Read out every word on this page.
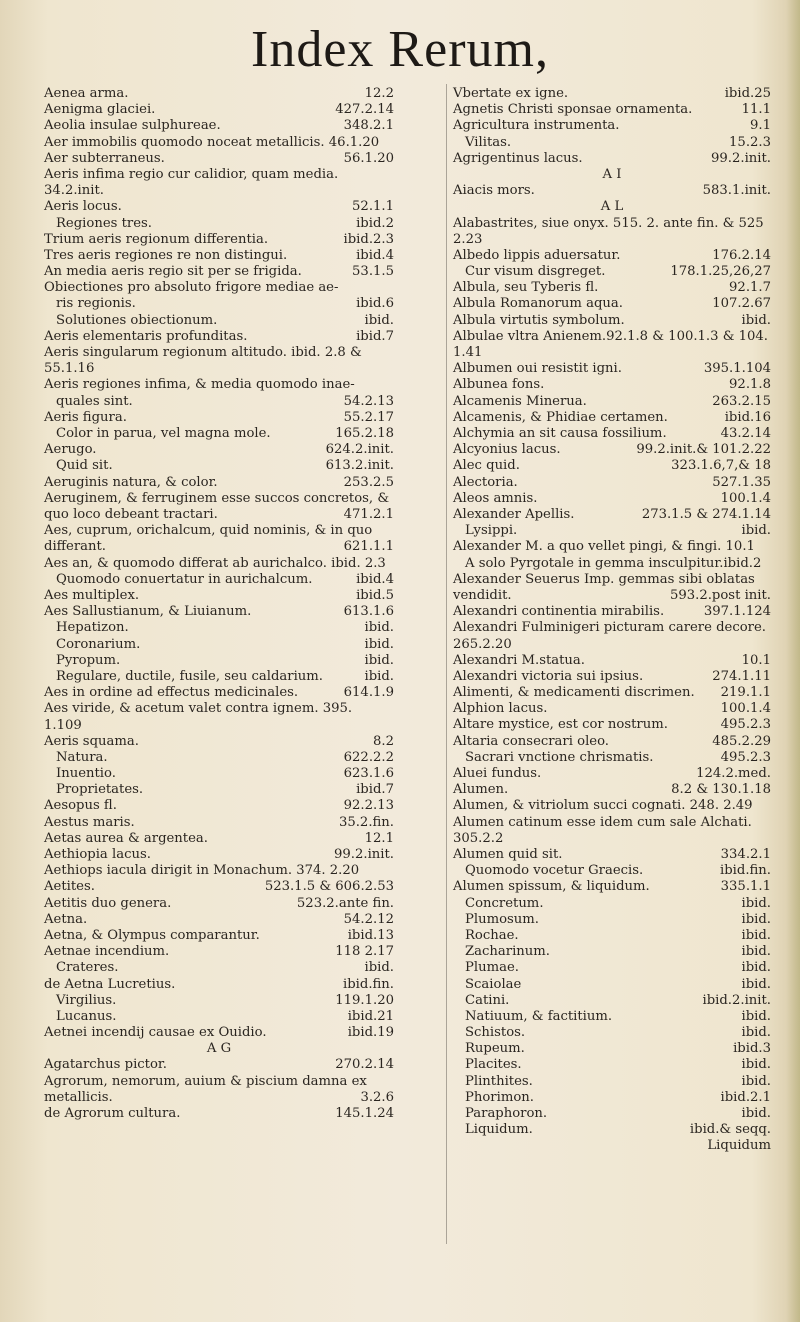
Index Rerum,
Aenea arma.	12.2
Aenigma glaciei.	427.2.14
Aeolia insulae sulphureae.	348.2.1
Aer immobilis quomodo noceat metallicis. 46.1.20
Aer subterraneus.	56.1.20
Aeris infima regio cur calidior, quam media. 34.2.init.
Aeris locus.	52.1.1
Regiones tres.	ibid.2
Trium aeris regionum differentia.	ibid.2.3
Tres aeris regiones re non distingui.	ibid.4
An media aeris regio sit per se frigida.	53.1.5
Obiectiones pro absoluto frigore mediae ae-
ris regionis.	ibid.6
Solutiones obiectionum.	ibid.
Aeris elementaris profunditas.	ibid.7
Aeris singularum regionum altitudo. ibid. 2.8 & 55.1.16
Aeris regiones infima, & media quomodo inae-
quales sint.	54.2.13
Aeris figura.	55.2.17
Color in parua, vel magna mole.	165.2.18
Aerugo.	624.2.init.
Quid sit.	613.2.init.
Aeruginis natura, & color.	253.2.5
Aeruginem, & ferruginem esse succos concretos, & quo loco debeant tractari.	471.2.1
Aes, cuprum, orichalcum, quid nominis, & in quo differant.	621.1.1
Aes an, & quomodo differat ab aurichalco. ibid. 2.3
Quomodo conuertatur in aurichalcum.	ibid.4
Aes multiplex.	ibid.5
Aes Sallustianum, & Liuianum.	613.1.6
Hepatizon.	ibid.
Coronarium.	ibid.
Pyropum.	ibid.
Regulare, ductile, fusile, seu caldarium.	ibid.
Aes in ordine ad effectus medicinales.	614.1.9
Aes viride, & acetum valet contra ignem. 395. 1.109
Aeris squama.	8.2
Natura.	622.2.2
Inuentio.	623.1.6
Proprietates.	ibid.7
Aesopus fl.	92.2.13
Aestus maris.	35.2.fin.
Aetas aurea & argentea.	12.1
Aethiopia lacus.	99.2.init.
Aethiops iacula dirigit in Monachum. 374. 2.20
Aetites.	523.1.5 & 606.2.53
Aetitis duo genera.	523.2.ante fin.
Aetna.	54.2.12
Aetna, & Olympus comparantur.	ibid.13
Aetnae incendium.	118 2.17
Crateres.	ibid.
de Aetna Lucretius.	ibid.fin.
Virgilius.	119.1.20
Lucanus.	ibid.21
Aetnei incendij causae ex Ouidio.	ibid.19
A G
Agatarchus pictor.	270.2.14
Agrorum, nemorum, auium & piscium damna ex metallicis.	3.2.6
de Agrorum cultura.	145.1.24
Vbertate ex igne.	ibid.25
Agnetis Christi sponsae ornamenta.	11.1
Agricultura instrumenta.	9.1
Vilitas.	15.2.3
Agrigentinus lacus.	99.2.init.
A I
Aiacis mors.	583.1.init.
A L
Alabastrites, siue onyx. 515. 2. ante fin. & 525 2.23
Albedo lippis aduersatur.	176.2.14
Cur visum disgreget.	178.1.25,26,27
Albula, seu Tyberis fl.	92.1.7
Albula Romanorum aqua.	107.2.67
Albula virtutis symbolum.	ibid.
Albulae vltra Anienem.92.1.8 & 100.1.3 & 104. 1.41
Albumen oui resistit igni.	395.1.104
Albunea fons.	92.1.8
Alcamenis Minerua.	263.2.15
Alcamenis, & Phidiae certamen.	ibid.16
Alchymia an sit causa fossilium.	43.2.14
Alcyonius lacus.	99.2.init.& 101.2.22
Alec quid.	323.1.6,7,& 18
Alectoria.	527.1.35
Aleos amnis.	100.1.4
Alexander Apellis.	273.1.5 & 274.1.14
Lysippi.	ibid.
Alexander M. a quo vellet pingi, & fingi. 10.1
A solo Pyrgotale in gemma insculpitur.ibid.2
Alexander Seuerus Imp. gemmas sibi oblatas vendidit.	593.2.post init.
Alexandri continentia mirabilis.	397.1.124
Alexandri Fulminigeri picturam carere decore. 265.2.20
Alexandri M.statua.	10.1
Alexandri victoria sui ipsius.	274.1.11
Alimenti, & medicamenti discrimen. 219.1.1
Alphion lacus.	100.1.4
Altare mystice, est cor nostrum.	495.2.3
Altaria consecrari oleo.	485.2.29
Sacrari vnctione chrismatis.	495.2.3
Aluei fundus.	124.2.med.
Alumen.	8.2 & 130.1.18
Alumen, & vitriolum succi cognati. 248. 2.49
Alumen catinum esse idem cum sale Alchati. 305.2.2
Alumen quid sit.	334.2.1
Quomodo vocetur Graecis.	ibid.fin.
Alumen spissum, & liquidum.	335.1.1
Concretum.	ibid.
Plumosum.	ibid.
Rochae.	ibid.
Zacharinum.	ibid.
Plumae.	ibid.
Scaiolae	ibid.
Catini.	ibid.2.init.
Natiuum, & factitium.	ibid.
Schistos.	ibid.
Rupeum.	ibid.3
Placites.	ibid.
Plinthites.	ibid.
Phorimon.	ibid.2.1
Paraphoron.	ibid.
Liquidum.	ibid.& seqq.
Liquidum
